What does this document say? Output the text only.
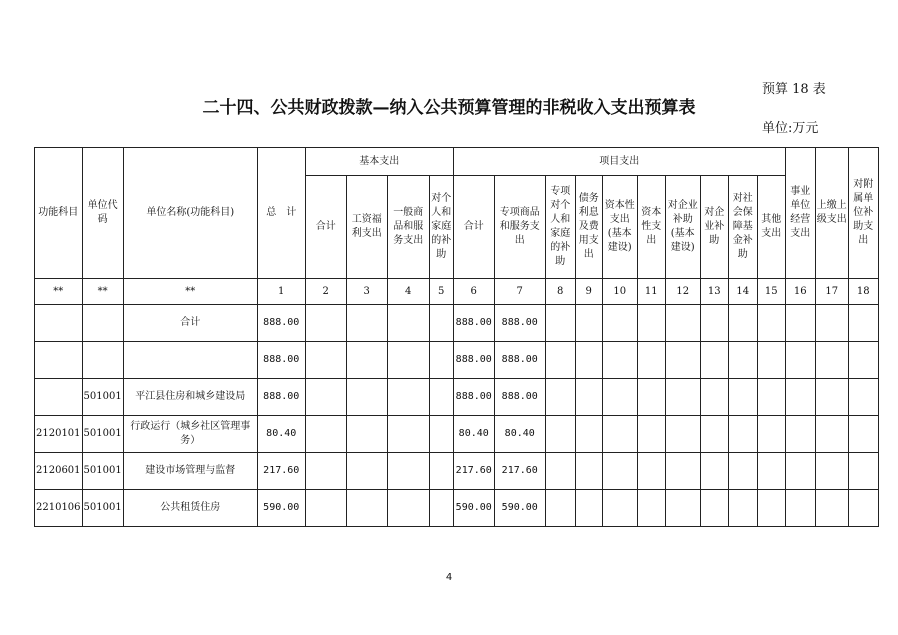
预算 18 表
二十四、公共财政拨款—纳入公共预算管理的非税收入支出预算表
单位:万元
功能科目	单位代码	单位名称(功能科目)	总　计	基本支出				项目支出										事业单位经营支出	上缴上级支出	对附属单位补助支出
				合计	工资福利支出	一般商品和服务支出	对个人和家庭的补助	合计	专项商品和服务支出	专项对个人和家庭的补助	债务利息及费用支出	资本性支出(基本建设)	资本性支出	对企业补助(基本建设)	对企业补助	对社会保障基金补助	其他支出			
**	**	**	1	2	3	4	5	6	7	8	9	10	11	12	13	14	15	16	17	18
		合计	888.00					888.00	888.00											
			888.00					888.00	888.00											
	501001	平江县住房和城乡建设局	888.00					888.00	888.00											
2120101	501001	行政运行（城乡社区管理事务）	80.40					80.40	80.40											
2120601	501001	建设市场管理与监督	217.60					217.60	217.60											
2210106	501001	公共租赁住房	590.00					590.00	590.00											
4
